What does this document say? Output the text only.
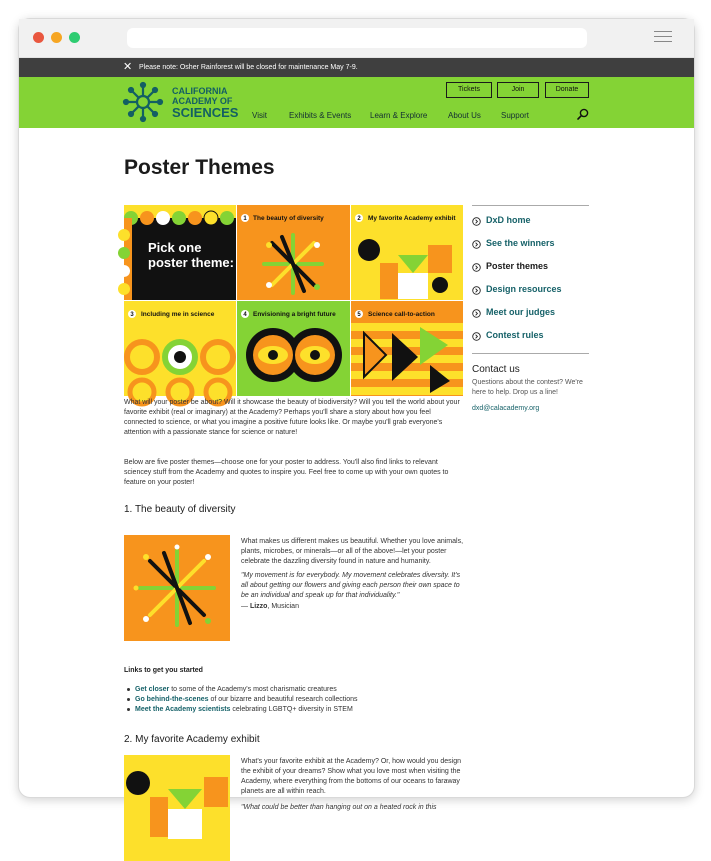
✕ Please note: Osher Rainforest will be closed for maintenance May 7-9.
CALIFORNIA
ACADEMY OF
SCIENCES
Tickets	Join	Donate
Visit	Exhibits & Events Learn & Explore	About Us	Support
Poster Themes
Pick one
poster theme:
1 The beauty of diversity	2 My favorite Academy exhibit
3 Including me in science	4 Envisioning a bright future	5 Science call-to-action

What will your poster be about? Will it showcase the beauty of biodiversity? Will you tell the world about your favorite exhibit (real or imaginary) at the Academy? Perhaps you'll share a story about how you feel connected to science, or what you imagine a positive future looks like. Or maybe you'll grab everyone's attention with a passionate stance for science or nature!

Below are five poster themes—choose one for your poster to address. You'll also find links to relevant sciencey stuff from the Academy and quotes to inspire you. Feel free to come up with your own quotes to feature on your poster!

1. The beauty of diversity

What makes us different makes us beautiful. Whether you love animals, plants, microbes, or minerals—or all of the above!—let your poster celebrate the dazzling diversity found in nature and humanity.

"My movement is for everybody. My movement celebrates diversity. It's all about getting our flowers and giving each person their own space to be an individual and speak up for that individuality."

— Lizzo, Musician
Links to get you started
Get closer to some of the Academy's most charismatic creatures
Go behind-the-scenes of our bizarre and beautiful research collections
Meet the Academy scientists celebrating LGBTQ+ diversity in STEM
2. My favorite Academy exhibit

What's your favorite exhibit at the Academy? Or, how would you design the exhibit of your dreams? Show what you love most when visiting the Academy, where everything from the bottoms of our oceans to faraway planets are all within reach.

"What could be better than hanging out on a heated rock in this

DxD home
See the winners
Poster themes
Design resources
Meet our judges
Contest rules
Contact us

Questions about the contest? We're here to help. Drop us a line!

dxd@calacademy.org
